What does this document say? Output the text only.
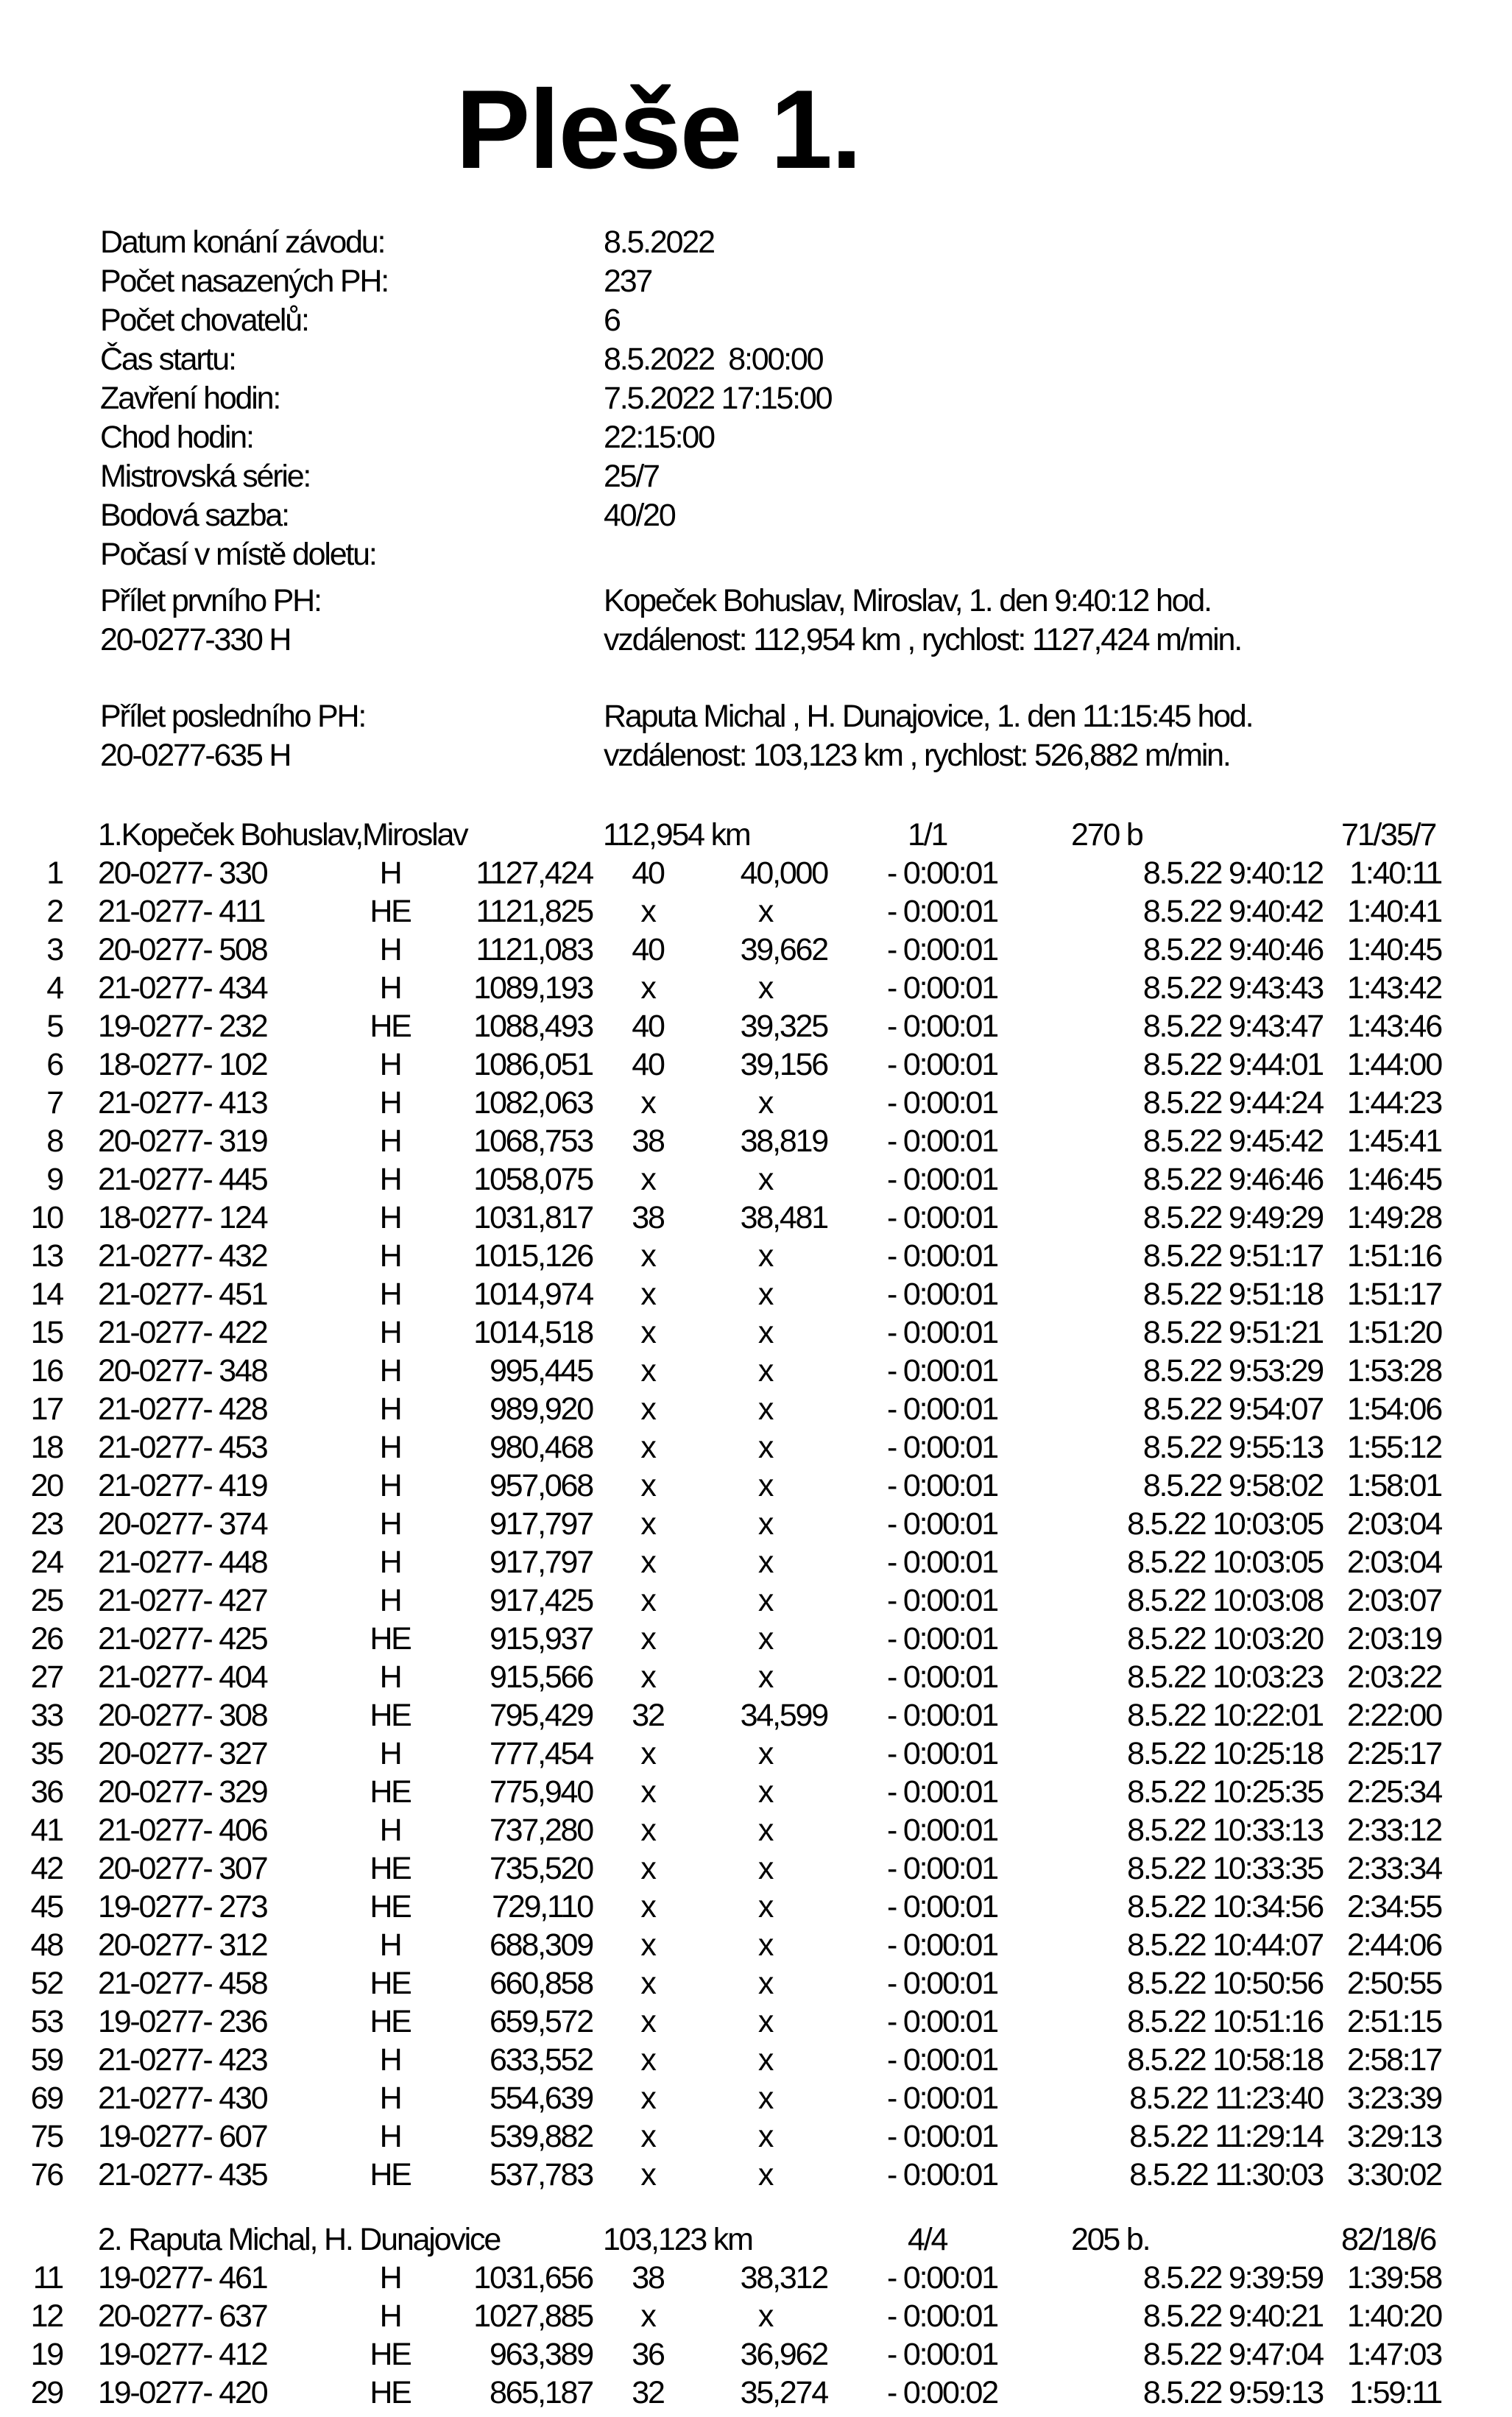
Pleše 1.
Datum konání závodu:	8.5.2022
Počet nasazených PH:	237
Počet chovatelů:	6
Čas startu:	8.5.2022  8:00:00
Zavření hodin:	7.5.2022 17:15:00
Chod hodin:	22:15:00
Mistrovská série:	25/7
Bodová sazba:	40/20
Počasí v místě doletu:
Přílet prvního PH:	Kopeček Bohuslav, Miroslav, 1. den 9:40:12 hod.
20-0277-330 H	vzdálenost: 112,954 km , rychlost: 1127,424 m/min.
Přílet posledního PH:	Raputa Michal , H. Dunajovice, 1. den 11:15:45 hod.
20-0277-635 H	vzdálenost: 103,123 km , rychlost: 526,882 m/min.
1.Kopeček Bohuslav,Miroslav	112,954 km	1/1	270 b	71/35/7
1	20-0277- 330	H	1127,424	40	40,000	- 0:00:01	8.5.22 9:40:12 1:40:11
2	21-0277- 411	HE	1121,825	x	x	- 0:00:01	8.5.22 9:40:42 1:40:41
3	20-0277- 508	H	1121,083	40	39,662	- 0:00:01	8.5.22 9:40:46 1:40:45
4	21-0277- 434	H	1089,193	x	x	- 0:00:01	8.5.22 9:43:43 1:43:42
5	19-0277- 232	HE	1088,493	40	39,325	- 0:00:01	8.5.22 9:43:47 1:43:46
6	18-0277- 102	H	1086,051	40	39,156	- 0:00:01	8.5.22 9:44:01 1:44:00
7	21-0277- 413	H	1082,063	x	x	- 0:00:01	8.5.22 9:44:24 1:44:23
8	20-0277- 319	H	1068,753	38	38,819	- 0:00:01	8.5.22 9:45:42 1:45:41
9	21-0277- 445	H	1058,075	x	x	- 0:00:01	8.5.22 9:46:46 1:46:45
10	18-0277- 124	H	1031,817	38	38,481	- 0:00:01	8.5.22 9:49:29 1:49:28
13	21-0277- 432	H	1015,126	x	x	- 0:00:01	8.5.22 9:51:17 1:51:16
14	21-0277- 451	H	1014,974	x	x	- 0:00:01	8.5.22 9:51:18 1:51:17
15	21-0277- 422	H	1014,518	x	x	- 0:00:01	8.5.22 9:51:21 1:51:20
16	20-0277- 348	H	995,445	x	x	- 0:00:01	8.5.22 9:53:29 1:53:28
17	21-0277- 428	H	989,920	x	x	- 0:00:01	8.5.22 9:54:07 1:54:06
18	21-0277- 453	H	980,468	x	x	- 0:00:01	8.5.22 9:55:13 1:55:12
20	21-0277- 419	H	957,068	x	x	- 0:00:01	8.5.22 9:58:02 1:58:01
23	20-0277- 374	H	917,797	x	x	- 0:00:01	8.5.22 10:03:05 2:03:04
24	21-0277- 448	H	917,797	x	x	- 0:00:01	8.5.22 10:03:05 2:03:04
25	21-0277- 427	H	917,425	x	x	- 0:00:01	8.5.22 10:03:08 2:03:07
26	21-0277- 425	HE	915,937	x	x	- 0:00:01	8.5.22 10:03:20 2:03:19
27	21-0277- 404	H	915,566	x	x	- 0:00:01	8.5.22 10:03:23 2:03:22
33	20-0277- 308	HE	795,429	32	34,599	- 0:00:01	8.5.22 10:22:01 2:22:00
35	20-0277- 327	H	777,454	x	x	- 0:00:01	8.5.22 10:25:18 2:25:17
36	20-0277- 329	HE	775,940	x	x	- 0:00:01	8.5.22 10:25:35 2:25:34
41	21-0277- 406	H	737,280	x	x	- 0:00:01	8.5.22 10:33:13 2:33:12
42	20-0277- 307	HE	735,520	x	x	- 0:00:01	8.5.22 10:33:35 2:33:34
45	19-0277- 273	HE	729,110	x	x	- 0:00:01	8.5.22 10:34:56 2:34:55
48	20-0277- 312	H	688,309	x	x	- 0:00:01	8.5.22 10:44:07 2:44:06
52	21-0277- 458	HE	660,858	x	x	- 0:00:01	8.5.22 10:50:56 2:50:55
53	19-0277- 236	HE	659,572	x	x	- 0:00:01	8.5.22 10:51:16 2:51:15
59	21-0277- 423	H	633,552	x	x	- 0:00:01	8.5.22 10:58:18 2:58:17
69	21-0277- 430	H	554,639	x	x	- 0:00:01	8.5.22 11:23:40 3:23:39
75	19-0277- 607	H	539,882	x	x	- 0:00:01	8.5.22 11:29:14 3:29:13
76	21-0277- 435	HE	537,783	x	x	- 0:00:01	8.5.22 11:30:03 3:30:02
2. Raputa Michal, H. Dunajovice	103,123 km	4/4	205 b.	82/18/6
11	19-0277- 461	H	1031,656	38	38,312	- 0:00:01	8.5.22 9:39:59 1:39:58
12	20-0277- 637	H	1027,885	x	x	- 0:00:01	8.5.22 9:40:21 1:40:20
19	19-0277- 412	HE	963,389	36	36,962	- 0:00:01	8.5.22 9:47:04 1:47:03
29	19-0277- 420	HE	865,187	32	35,274	- 0:00:02	8.5.22 9:59:13 1:59:11
